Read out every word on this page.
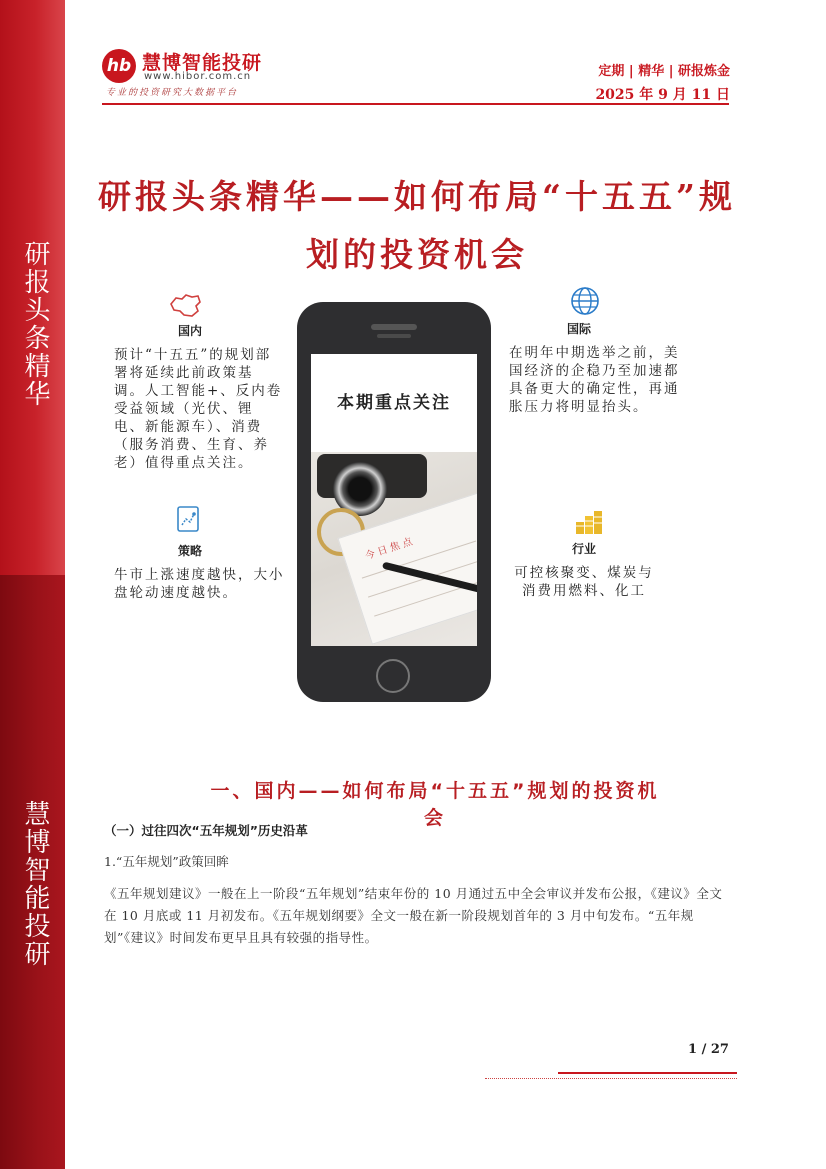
研报头条精华
慧博智能投研
hb 慧博智能投研
www.hibor.com.cn
专业的投资研究大数据平台
定期 | 精华 | 研报炼金
2025 年 9 月 11 日
研报头条精华——如何布局“十五五”规划的投资机会
国内
预计“十五五”的规划部署将延续此前政策基调。人工智能+、反内卷受益领域（光伏、锂电、新能源车）、消费（服务消费、生育、养老）值得重点关注。
国际
在明年中期选举之前，美国经济的企稳乃至加速都具备更大的确定性，再通胀压力将明显抬头。
策略
牛市上涨速度越快，大小盘轮动速度越快。
行业
可控核聚变、煤炭与消费用燃料、化工
本期重点关注
今日焦点
一、国内——如何布局“十五五”规划的投资机会
（一）过往四次“五年规划”历史沿革
1.“五年规划”政策回眸
《五年规划建议》一般在上一阶段“五年规划”结束年份的 10 月通过五中全会审议并发布公报，《建议》全文在 10 月底或 11 月初发布。《五年规划纲要》全文一般在新一阶段规划首年的 3 月中旬发布。“五年规划”《建议》时间发布更早且具有较强的指导性。
1 / 27
